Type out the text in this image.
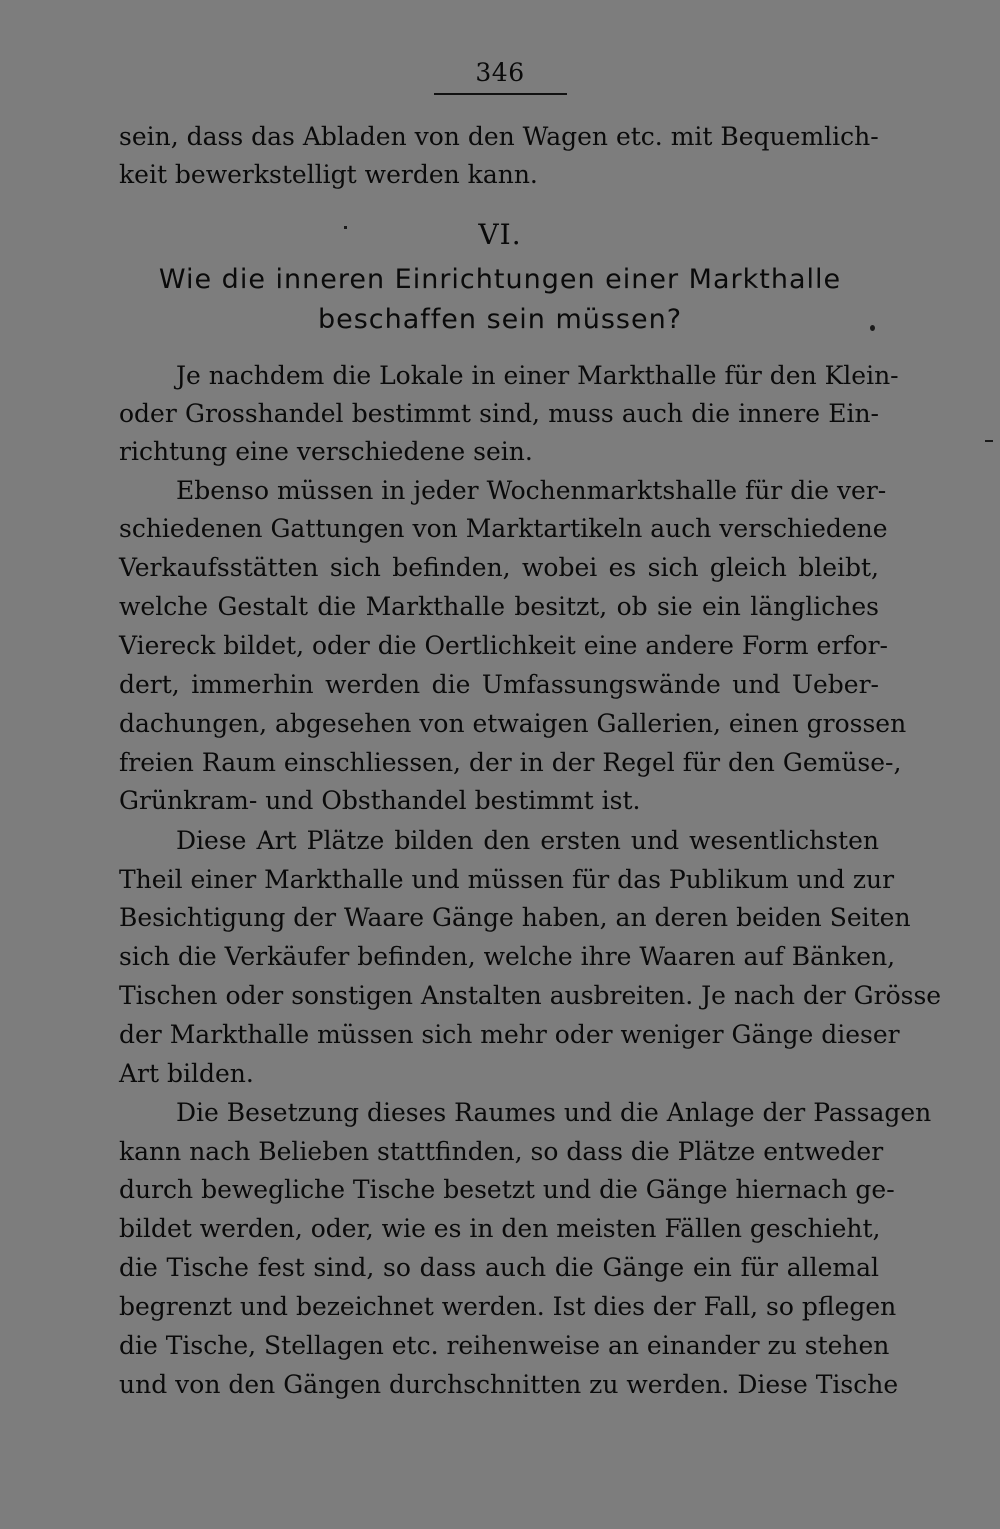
346
sein, dass das Abladen von den Wagen etc. mit Bequemlich-
keit bewerkstelligt werden kann.
VI.
Wie die inneren Einrichtungen einer Markthalle
beschaffen sein müssen?
Je nachdem die Lokale in einer Markthalle für den Klein-
oder Grosshandel bestimmt sind, muss auch die innere Ein-
richtung eine verschiedene sein.
Ebenso müssen in jeder Wochenmarktshalle für die ver-
schiedenen Gattungen von Marktartikeln auch verschiedene
Verkaufsstätten sich befinden, wobei es sich gleich bleibt,
welche Gestalt die Markthalle besitzt, ob sie ein längliches
Viereck bildet, oder die Oertlichkeit eine andere Form erfor-
dert, immerhin werden die Umfassungswände und Ueber-
dachungen, abgesehen von etwaigen Gallerien, einen grossen
freien Raum einschliessen, der in der Regel für den Gemüse-,
Grünkram- und Obsthandel bestimmt ist.
Diese Art Plätze bilden den ersten und wesentlichsten
Theil einer Markthalle und müssen für das Publikum und zur
Besichtigung der Waare Gänge haben, an deren beiden Seiten
sich die Verkäufer befinden, welche ihre Waaren auf Bänken,
Tischen oder sonstigen Anstalten ausbreiten. Je nach der Grösse
der Markthalle müssen sich mehr oder weniger Gänge dieser
Art bilden.
Die Besetzung dieses Raumes und die Anlage der Passagen
kann nach Belieben stattfinden, so dass die Plätze entweder
durch bewegliche Tische besetzt und die Gänge hiernach ge-
bildet werden, oder, wie es in den meisten Fällen geschieht,
die Tische fest sind, so dass auch die Gänge ein für allemal
begrenzt und bezeichnet werden. Ist dies der Fall, so pflegen
die Tische, Stellagen etc. reihenweise an einander zu stehen
und von den Gängen durchschnitten zu werden. Diese Tische
